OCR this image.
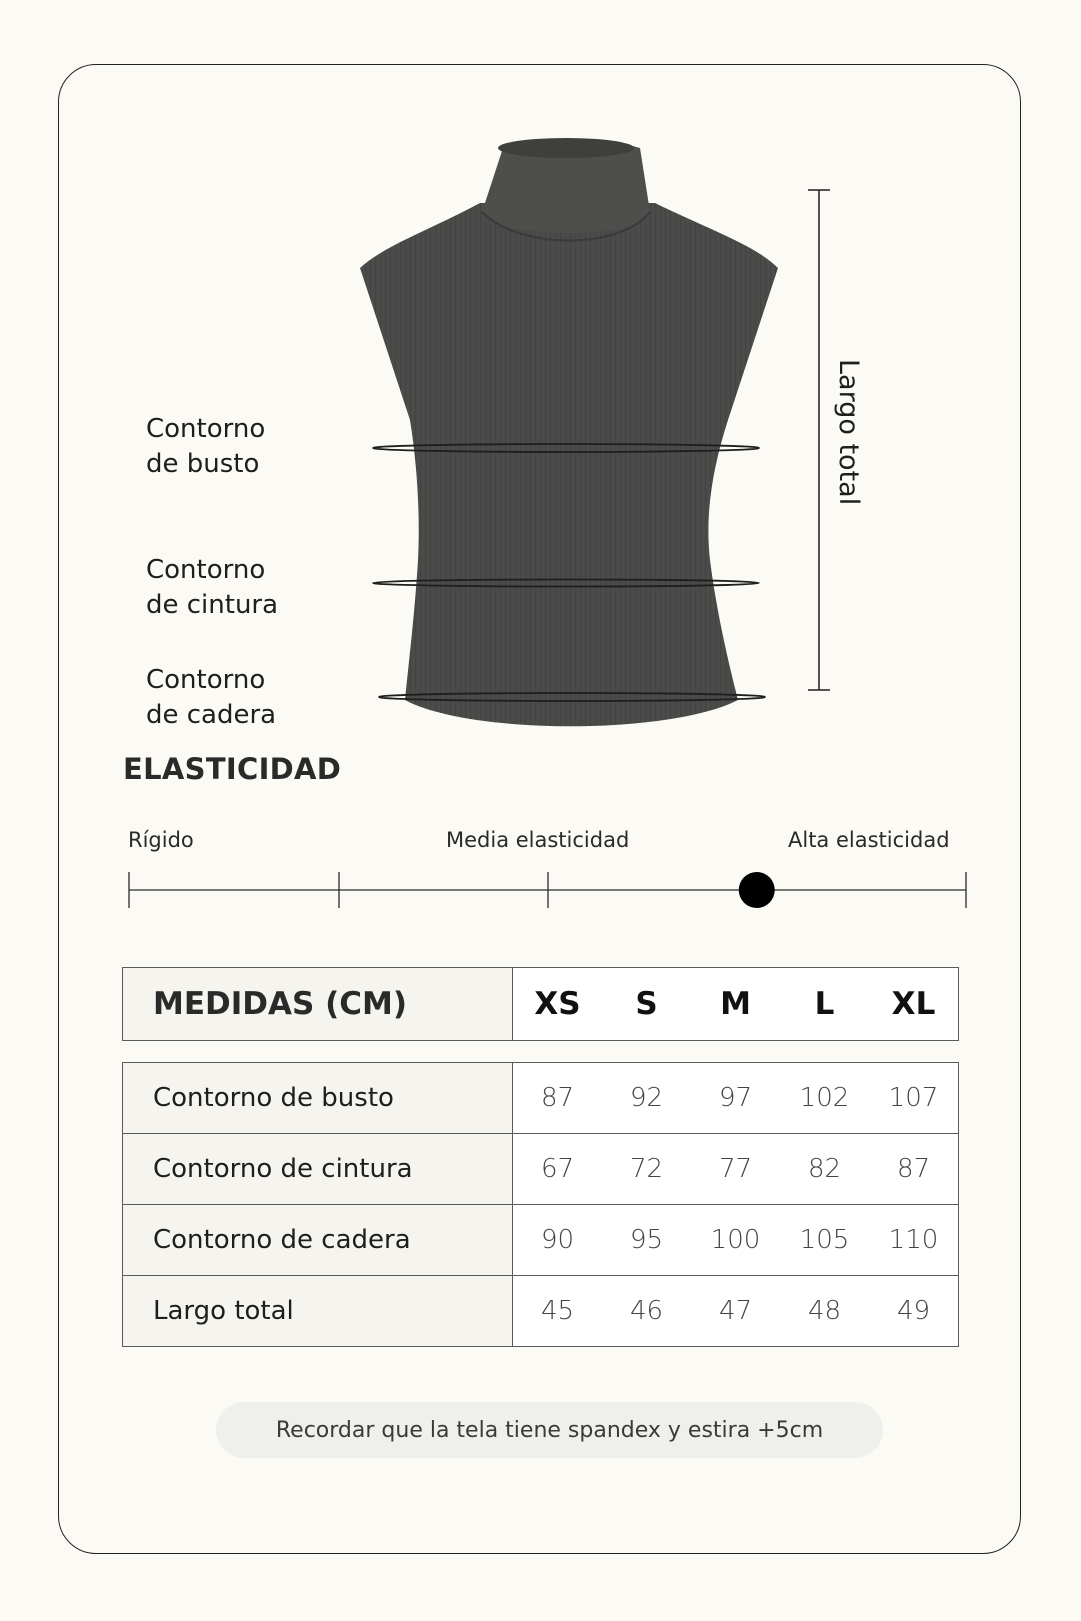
Contorno
de busto
Contorno
de cintura
Contorno
de cadera
Largo total
ELASTICIDAD
Rígido	Media elasticidad	Alta elasticidad
MEDIDAS (CM)	XS	S	M	L	XL
Contorno de busto	87 92 97 102 107

Contorno de cintura	67 72 77 82 87

Contorno de cadera	90 95 100 105 110

Largo total	45 46 47 48 49
Recordar que la tela tiene spandex y estira +5cm
